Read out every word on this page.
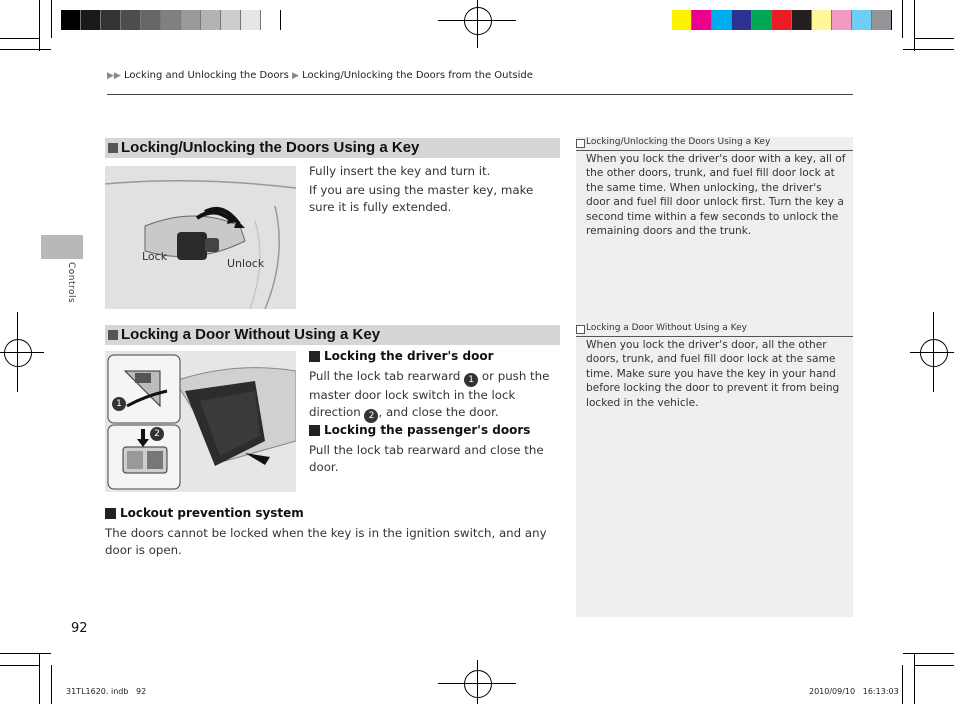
▶▶ Locking and Unlocking the Doors ▶ Locking/Unlocking the Doors from the Outside
Controls
Locking/Unlocking the Doors Using a Key
Lock
Unlock
Fully insert the key and turn it.
If you are using the master key, make sure it is fully extended.
Locking a Door Without Using a Key
1
2
Locking the driver's door
Pull the lock tab rearward 1 or push the master door lock switch in the lock direction 2 , and close the door.
Locking the passenger's doors
Pull the lock tab rearward and close the door.
Lockout prevention system
The doors cannot be locked when the key is in the ignition switch, and any door is open.
Locking/Unlocking the Doors Using a Key
When you lock the driver's door with a key, all of the other doors, trunk, and fuel fill door lock at the same time. When unlocking, the driver's door and fuel fill door unlock first. Turn the key a second time within a few seconds to unlock the remaining doors and the trunk.
Locking a Door Without Using a Key
When you lock the driver's door, all the other doors, trunk, and fuel fill door lock at the same time. Make sure you have the key in your hand before locking the door to prevent it from being locked in the vehicle.
92
31TL1620. indb   92	2010/09/10   16:13:03
